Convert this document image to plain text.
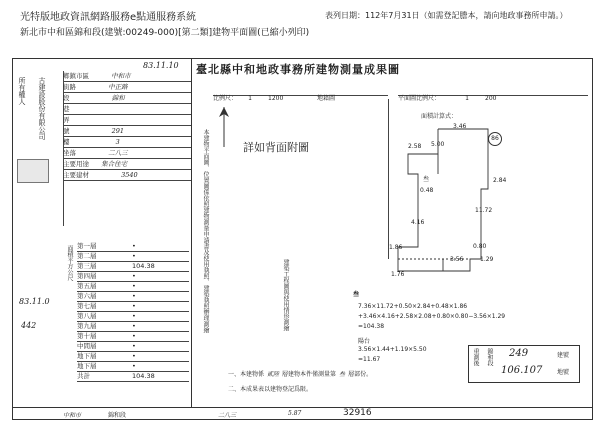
光特版地政資訊網路服務e點通服務系統	表列日期：112年7月31日（如需登記謄本，請向地政事務所申請。）
新北市中和區錦和段(建號:00249-000)[第二類]建物平面圖(已縮小列印)
83.11.10
所有權人 古建設股份有限公司
鄉鎮市區	中和市
街路	中正路
段	錦和
巷
弄
號	291
樓	3
坐落	二八三
主要用途 集合住宅
主要建材	3540
面積平方公尺
第一層	•
第二層	•
第三層	104.38
第四層	•
第五層	•
第六層	•
第七層	•
第八層	•
第九層	•
第十層	•
中間層	•
地下層	•
地下層	•
共計	104.38
83.11.0
442
臺北縣中和地政事務所建物測量成果圖
比例尺： 1	地籍圖
1200	平面圖比例尺：	1	200
面積計算式：
詳如背面附圖
本建物平面圖、位置圖係依照建物測量申請書及使用執照、建築執照辦理測繪	建築工程圖與使用情形測繪
叁
86
3.46
2.58 5.00
2.84
0.48
11.72
4.16
1.86	0.80
3.56	1.29
1.76
叁
7.36×11.72+0.50×2.84+0.48×1.86
+3.46×4.16+2.58×2.08+0.80×0.80−3.56×1.29
=104.38
陽台
3.56×1.44+1.19×5.50
=11.67
一、本建物係 貳陸 層建物本件僅測量第 叁 層部份。
二、本成果表以建物登記爲限。
重測後 錦和段 249	建號
106.107 地號
中和市	錦和段	二八三	5.87	32916
